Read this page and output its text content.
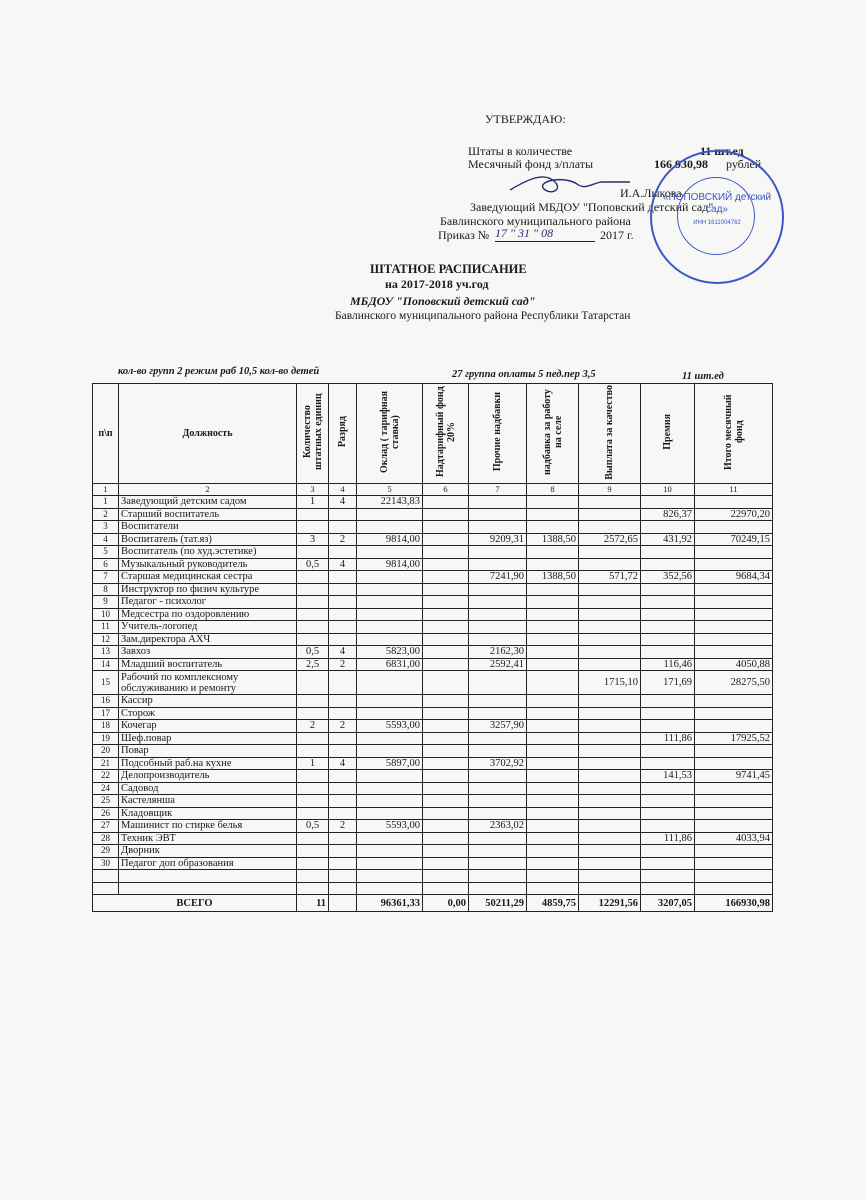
УТВЕРЖДАЮ:
Штаты в количестве	11 шт.ед
Месячный фонд з/платы	166 930,98 рублей
И.А.Лыкова
Заведующий МБДОУ "Поповский детский сад"
Бавлинского муниципального района
Приказ № 17 " 31 " 08	2017 г.
«ПОПОВСКИЙ детский сад»
ИНН 1611004762
ШТАТНОЕ РАСПИСАНИЕ
на 2017-2018 уч.год
МБДОУ "Поповский детский сад"
Бавлинского муниципального района Республики Татарстан
кол-во групп 2 режим раб 10,5 кол-во детей	27 группа оплаты 5 пед.пер 3,5	11 шт.ед
п\п	Должность	Количество штатных единиц	Разряд	Оклад ( тарифная ставка)	Надтарифный фонд 20%	Прочие надбавки	надбавка за работу на селе	Выплата за качество	Премия	Итого месячный фонд
1	2	3	4	5	6	7	8	9	10	11
1	Заведующий детским садом	1	4	22143,83						
2	Старший воспитатель								826,37	22970,20
3	Воспитатели									
4	Воспитатель (тат.яз)	3	2	9814,00		9209,31	1388,50	2572,65	431,92	70249,15
5	Воспитатель (по худ.эстетике)									
6	Музыкальный руководитель	0,5	4	9814,00						
7	Старшая медицинская сестра					7241,90	1388,50	571,72	352,56	9684,34
8	Инструктор по физич культуре									
9	Педагог - психолог									
10	Медсестра по оздоровлению									
11	Учитель-логопед									
12	Зам.директора АХЧ									
13	Завхоз	0,5	4	5823,00		2162,30				
14	Младший воспитатель	2,5	2	6831,00		2592,41			116,46	4050,88
15	Рабочий по комплексному обслуживанию и ремонту							1715,10	171,69	28275,50
16	Кассир									
17	Сторож									
18	Кочегар	2	2	5593,00		3257,90				
19	Шеф.повар								111,86	17925,52
20	Повар									
21	Подсобный раб.на кухне	1	4	5897,00		3702,92				
22	Делопроизводитель								141,53	9741,45
24	Садовод									
25	Кастелянша									
26	Кладовщик									
27	Машинист по стирке белья	0,5	2	5593,00		2363,02				
28	Техник ЭВТ								111,86	4033,94
29	Дворник									
30	Педагог доп образования									

ВСЕГО		11		96361,33	0,00	50211,29	4859,75	12291,56	3207,05	166930,98
